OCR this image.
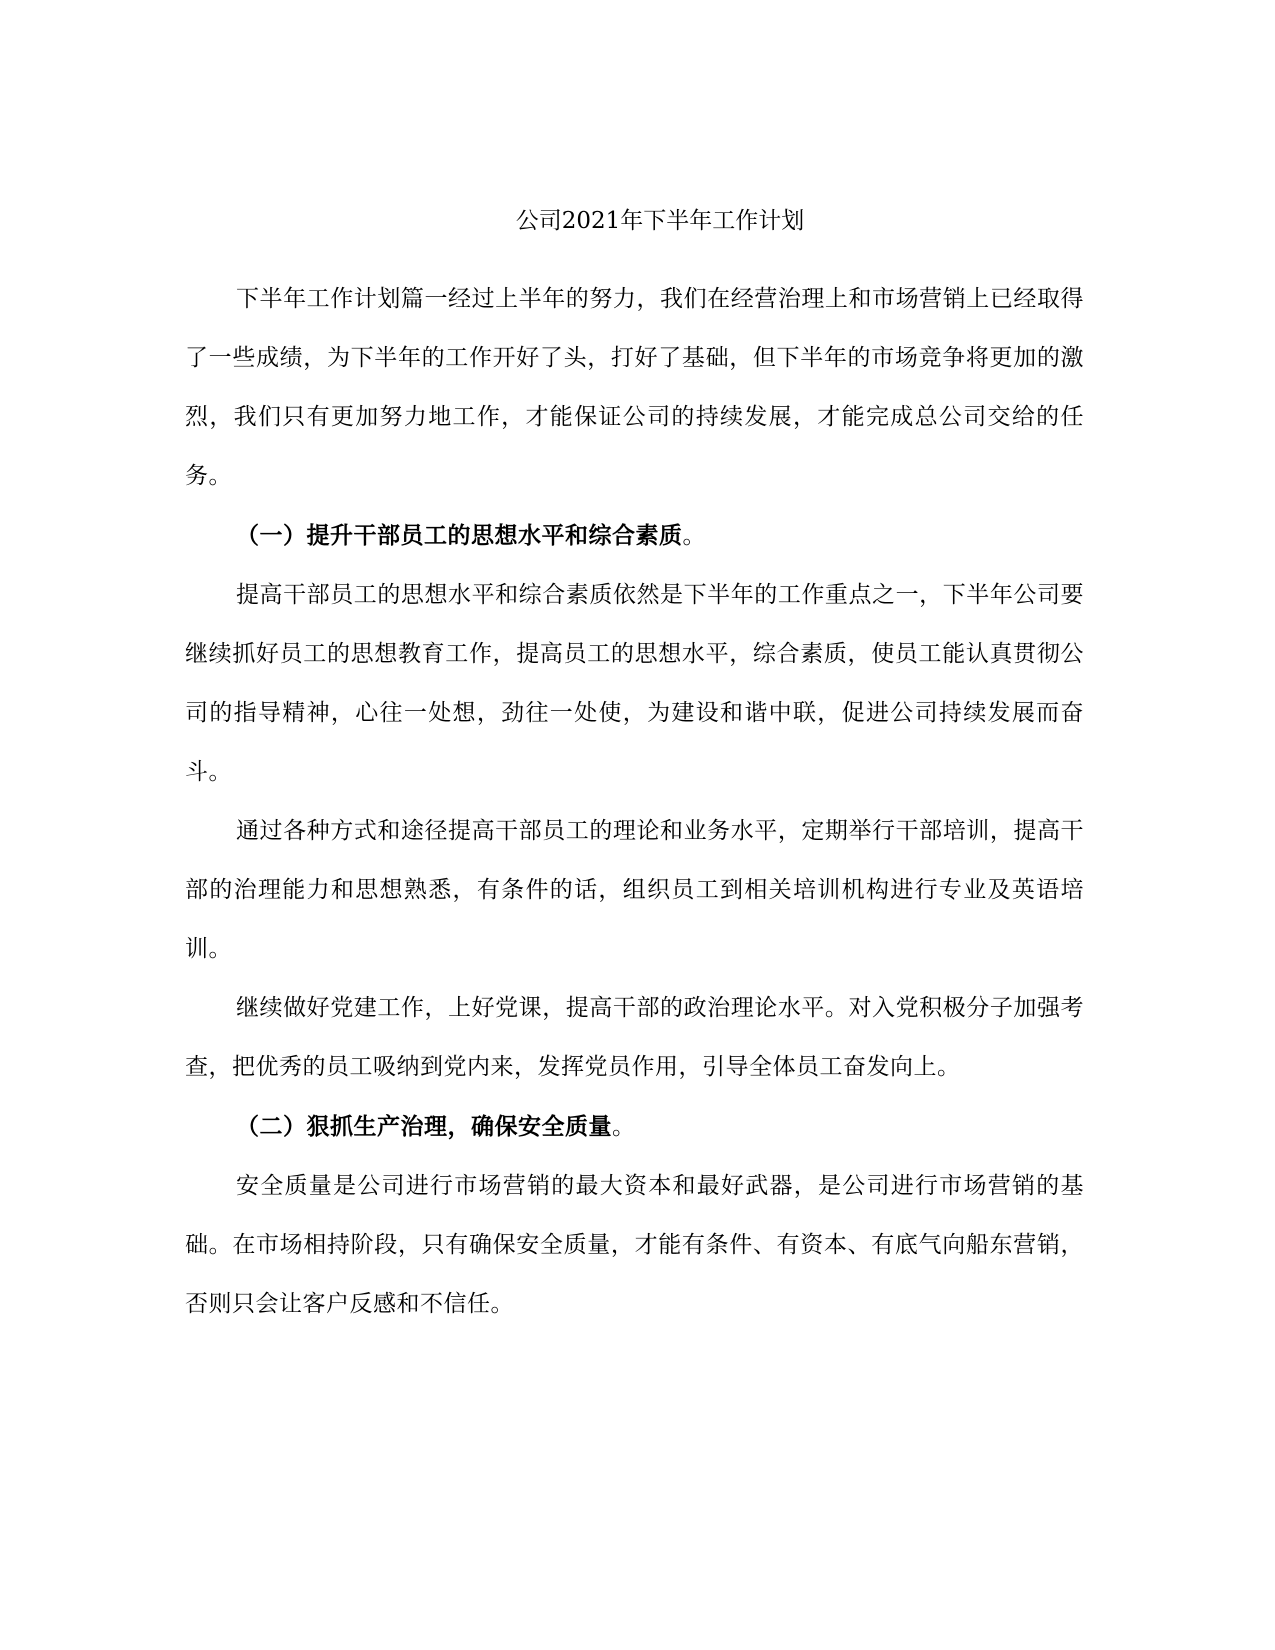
公司2021年下半年工作计划

下半年工作计划篇一经过上半年的努力，我们在经营治理上和市场营销上已经取得了一些成绩，为下半年的工作开好了头，打好了基础，但下半年的市场竞争将更加的激烈，我们只有更加努力地工作，才能保证公司的持续发展，才能完成总公司交给的任务。

（一）提升干部员工的思想水平和综合素质。

提高干部员工的思想水平和综合素质依然是下半年的工作重点之一，下半年公司要继续抓好员工的思想教育工作，提高员工的思想水平，综合素质，使员工能认真贯彻公司的指导精神，心往一处想，劲往一处使，为建设和谐中联，促进公司持续发展而奋斗。

通过各种方式和途径提高干部员工的理论和业务水平，定期举行干部培训，提高干部的治理能力和思想熟悉，有条件的话，组织员工到相关培训机构进行专业及英语培训。

继续做好党建工作，上好党课，提高干部的政治理论水平。对入党积极分子加强考查，把优秀的员工吸纳到党内来，发挥党员作用，引导全体员工奋发向上。

（二）狠抓生产治理，确保安全质量。

安全质量是公司进行市场营销的最大资本和最好武器，是公司进行市场营销的基础。在市场相持阶段，只有确保安全质量，才能有条件、有资本、有底气向船东营销，否则只会让客户反感和不信任。
